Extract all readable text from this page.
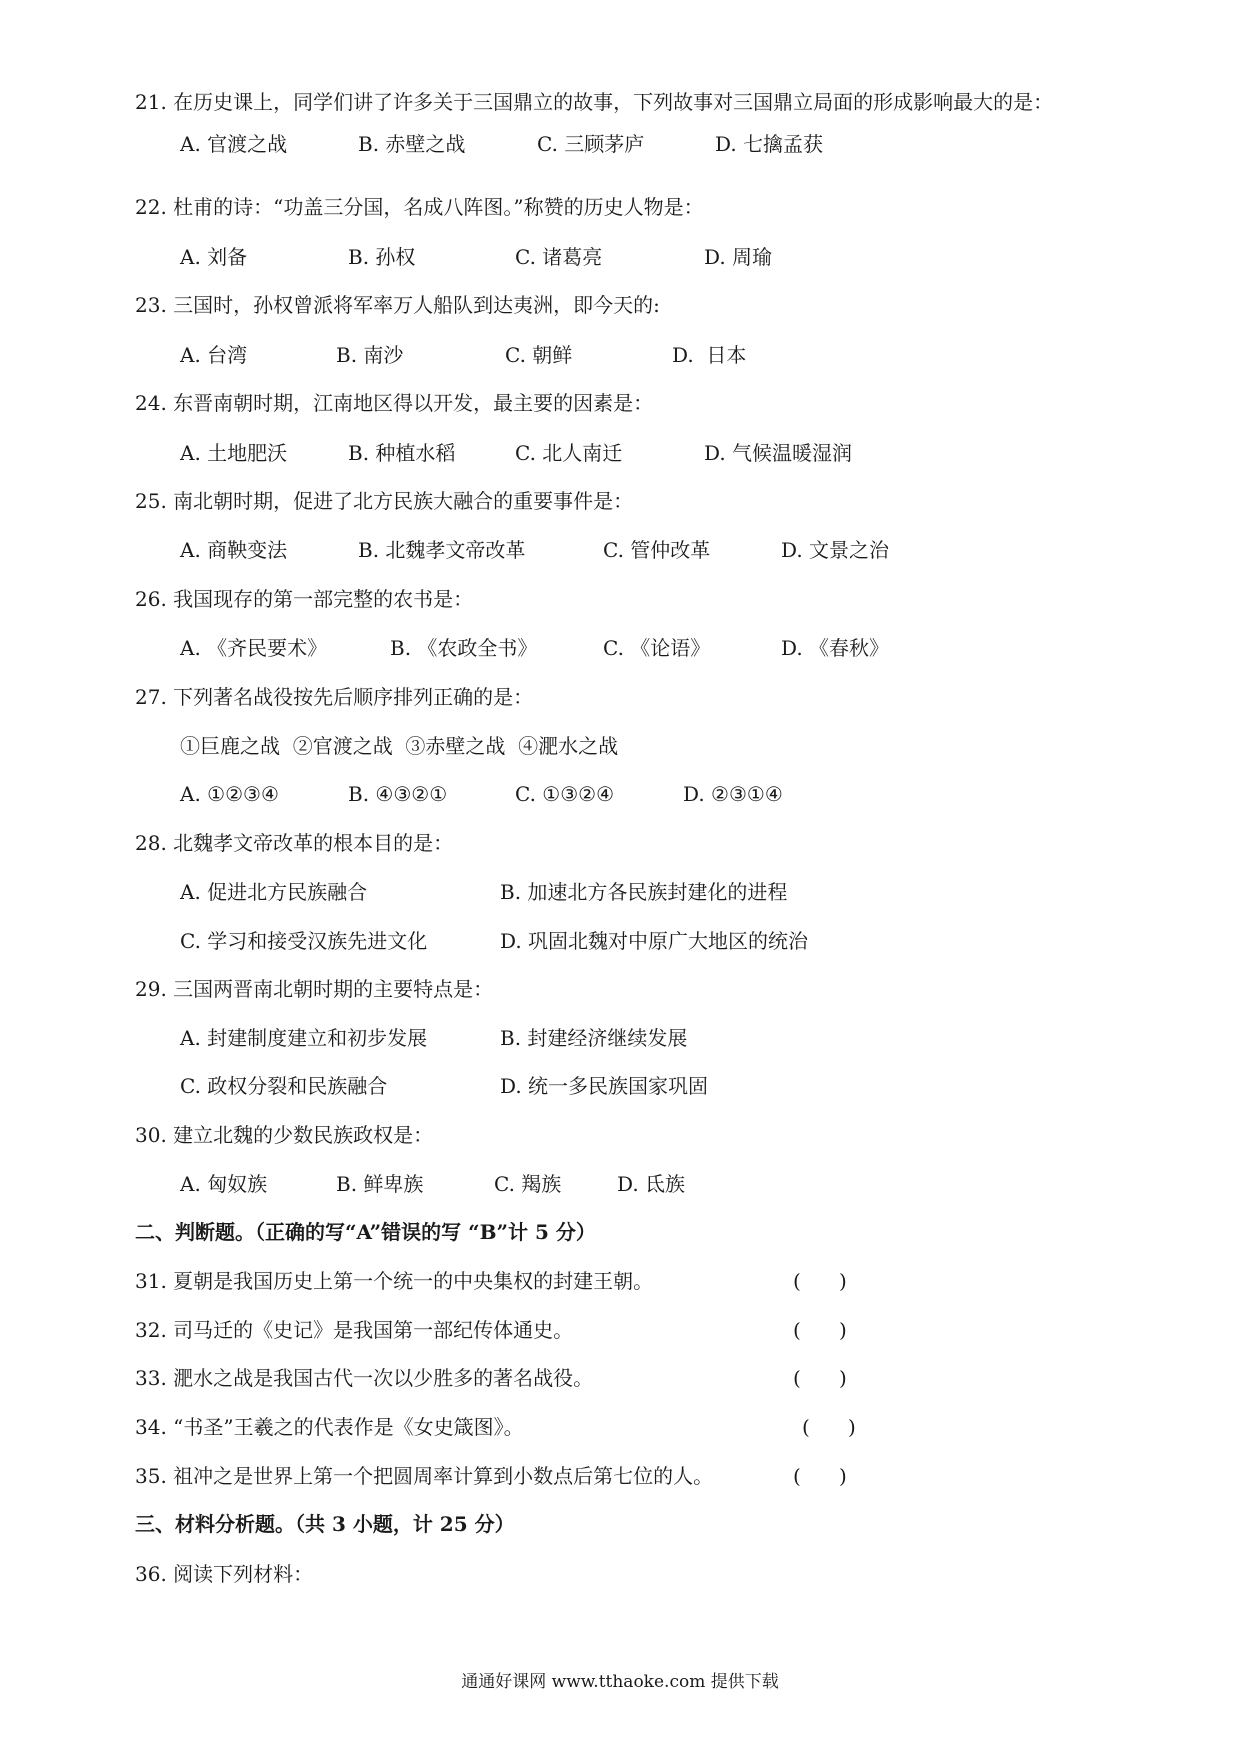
21. 在历史课上，同学们讲了许多关于三国鼎立的故事，下列故事对三国鼎立局面的形成影响最大的是：
A. 官渡之战	B. 赤壁之战	C. 三顾茅庐	D. 七擒孟获
22. 杜甫的诗：“功盖三分国，名成八阵图。”称赞的历史人物是：
A. 刘备	B. 孙权	C. 诸葛亮	D. 周瑜
23. 三国时，孙权曾派将军率万人船队到达夷洲，即今天的:
A. 台湾	B. 南沙	C. 朝鲜	D.  日本
24. 东晋南朝时期，江南地区得以开发，最主要的因素是：
A. 土地肥沃	B. 种植水稻	C. 北人南迁	D. 气候温暖湿润
25. 南北朝时期，促进了北方民族大融合的重要事件是：
A. 商鞅变法	B. 北魏孝文帝改革	C. 管仲改革	D. 文景之治
26. 我国现存的第一部完整的农书是：
A. 《齐民要术》	B. 《农政全书》	C. 《论语》	D. 《春秋》
27. 下列著名战役按先后顺序排列正确的是：
①巨鹿之战  ②官渡之战  ③赤壁之战  ④淝水之战
A. ①②③④	B. ④③②①	C. ①③②④	D. ②③①④
28. 北魏孝文帝改革的根本目的是：
A. 促进北方民族融合	B. 加速北方各民族封建化的进程
C. 学习和接受汉族先进文化	D. 巩固北魏对中原广大地区的统治
29. 三国两晋南北朝时期的主要特点是：
A. 封建制度建立和初步发展	B. 封建经济继续发展
C. 政权分裂和民族融合	D. 统一多民族国家巩固
30. 建立北魏的少数民族政权是：
A. 匈奴族	B. 鲜卑族	C. 羯族	D. 氐族
二、判断题。（正确的写“A”错误的写 “B”计 5 分）
31. 夏朝是我国历史上第一个统一的中央集权的封建王朝。	(      )
32. 司马迁的《史记》是我国第一部纪传体通史。	(      )
33. 淝水之战是我国古代一次以少胜多的著名战役。	(      )
34. “书圣”王羲之的代表作是《女史箴图》。	(      )
35. 祖冲之是世界上第一个把圆周率计算到小数点后第七位的人。	(      )
三、材料分析题。（共 3 小题，计 25 分）
36. 阅读下列材料：
通通好课网 www.tthaoke.com 提供下载
